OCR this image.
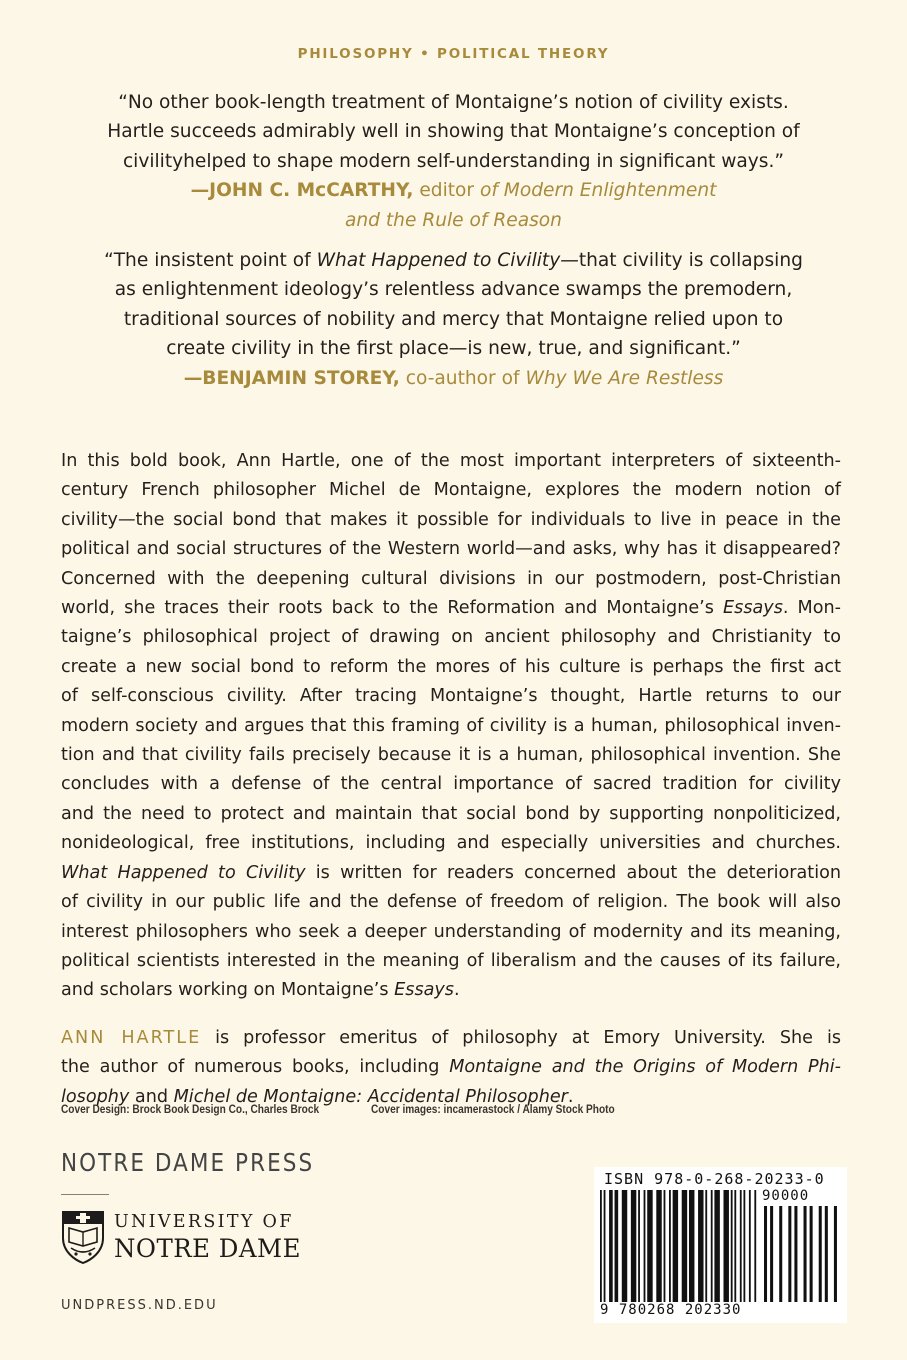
PHILOSOPHY • POLITICAL THEORY
“No other book-length treatment of Montaigne’s notion of civility exists.
Hartle succeeds admirably well in showing that Montaigne’s conception of
civilityhelped to shape modern self-understanding in significant ways.”
—JOHN C. McCARTHY, editor of Modern Enlightenment
and the Rule of Reason
“The insistent point of What Happened to Civility—that civility is collapsing
as enlightenment ideology’s relentless advance swamps the premodern,
traditional sources of nobility and mercy that Montaigne relied upon to
create civility in the first place—is new, true, and significant.”
—BENJAMIN STOREY, co-author of Why We Are Restless
In this bold book, Ann Hartle, one of the most important interpreters of sixteenth-
century French philosopher Michel de Montaigne, explores the modern notion of
civility—the social bond that makes it possible for individuals to live in peace in the
political and social structures of the Western world—and asks, why has it disappeared?
Concerned with the deepening cultural divisions in our postmodern, post-Christian
world, she traces their roots back to the Reformation and Montaigne’s Essays. Mon-
taigne’s philosophical project of drawing on ancient philosophy and Christianity to
create a new social bond to reform the mores of his culture is perhaps the first act
of self-conscious civility. After tracing Montaigne’s thought, Hartle returns to our
modern society and argues that this framing of civility is a human, philosophical inven-
tion and that civility fails precisely because it is a human, philosophical invention. She
concludes with a defense of the central importance of sacred tradition for civility
and the need to protect and maintain that social bond by supporting nonpoliticized,
nonideological, free institutions, including and especially universities and churches.
What Happened to Civility is written for readers concerned about the deterioration
of civility in our public life and the defense of freedom of religion. The book will also
interest philosophers who seek a deeper understanding of modernity and its meaning,
political scientists interested in the meaning of liberalism and the causes of its failure,
and scholars working on Montaigne’s Essays.
ANN HARTLE is professor emeritus of philosophy at Emory University. She is
the author of numerous books, including Montaigne and the Origins of Modern Phi-
losophy and Michel de Montaigne: Accidental Philosopher.
Cover Design: Brock Book Design Co., Charles Brock	Cover images: incamerastock / Alamy Stock Photo
NOTRE DAME PRESS
UNIVERSITY OF
NOTRE DAME
UNDPRESS.ND.EDU
ISBN 978-0-268-20233-0
90000
9 780268 202330
